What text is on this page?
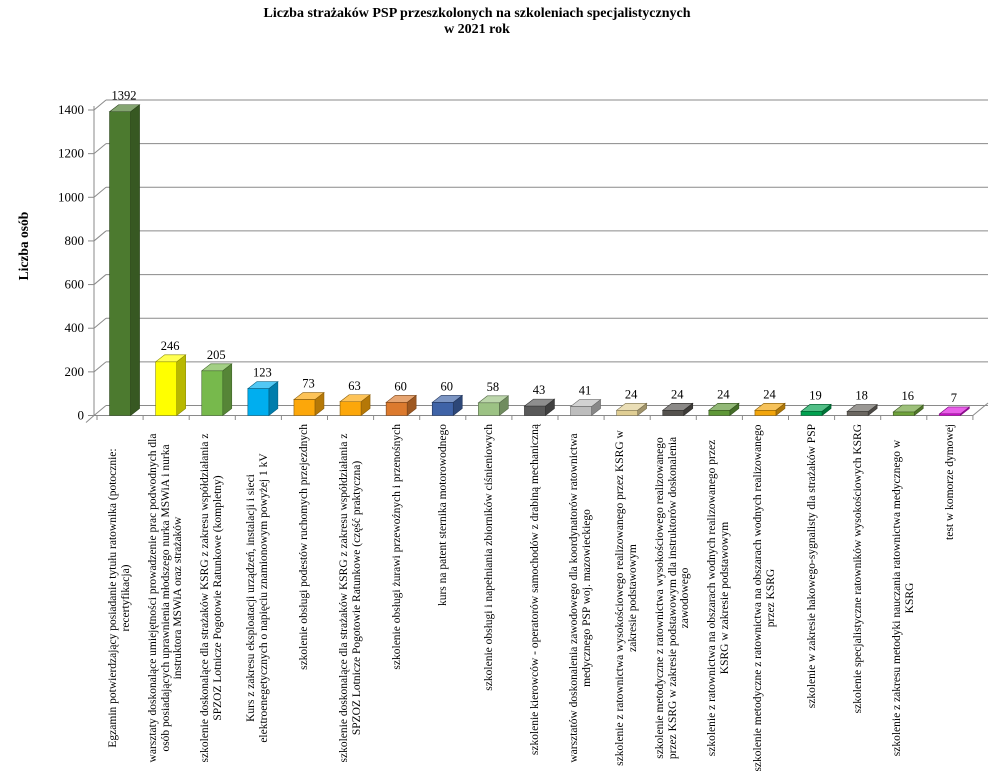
Liczba strażaków PSP przeszkolonych na szkoleniach specjalistycznych
w 2021 rok
Liczba osób
0
200
400
600
800
1000
1200
1400
1392
246
205
123
73	63	60	60	58	43	41	24	24	24	24	19	18	16	7
Egzamin potwierdzający posiadanie tytułu ratownika (potocznie: recertyfikacja) warsztaty doskonalące umiejętności prowadzenie prac podwodnych dla osób posiadających uprawnienia młodszego nurka MSWiA i nurka instruktora MSWiA oraz strażaków szkolenie doskonalące dla strażaków KSRG z zakresu współdziałania z SPZOZ Lotnicze Pogotowie Ratunkowe (kompletny) Kurs z zakresu eksploatacji urządzeń, instalacji i sieci elektroenegetycznych o napięciu znamionowym powyżej 1 kV szkolenie obsługi podestów ruchomych przejezdnych szkolenie doskonalące dla strażaków KSRG z zakresu współdziałania z SPZOZ Lotnicze Pogotowie Ratunkowe (część praktyczna) szkolenie obsługi żurawi przewoźnych i przenośnych	kurs na patent sternika motorowodnego	szkolenie obsługi i napełniania zbiorników ciśnieniowych	szkolenie kierowców - operatorów samochodów z drabiną mechaniczną warsztatów doskonalenia zawodowego dla koordynatorów ratownictwa medycznego PSP woj. mazowieckiego szkolenie z ratownictwa wysokościowego realizowanego przez KSRG w zakresie podstawowym szkolenie metodyczne z ratownictwa wysokościowego realizowanego przez KSRG w zakresie podstawowym dla instruktorów doskonalenia zawodowego szkolenie z ratownictwa na obszarach wodnych realizowanego przez KSRG w zakresie podstawowym szkolenie metodyczne z ratownictwa na obszarach wodnych realizowanego przez KSRG szkolenie w zakresie hakowego-sygnalisty dla strażaków PSP	szkolenie specjalistyczne ratowników wysokościowych KSRG szkolenie z zakresu metodyki nauczania ratownictwa medycznego w KSRG
test w komorze dymowej
